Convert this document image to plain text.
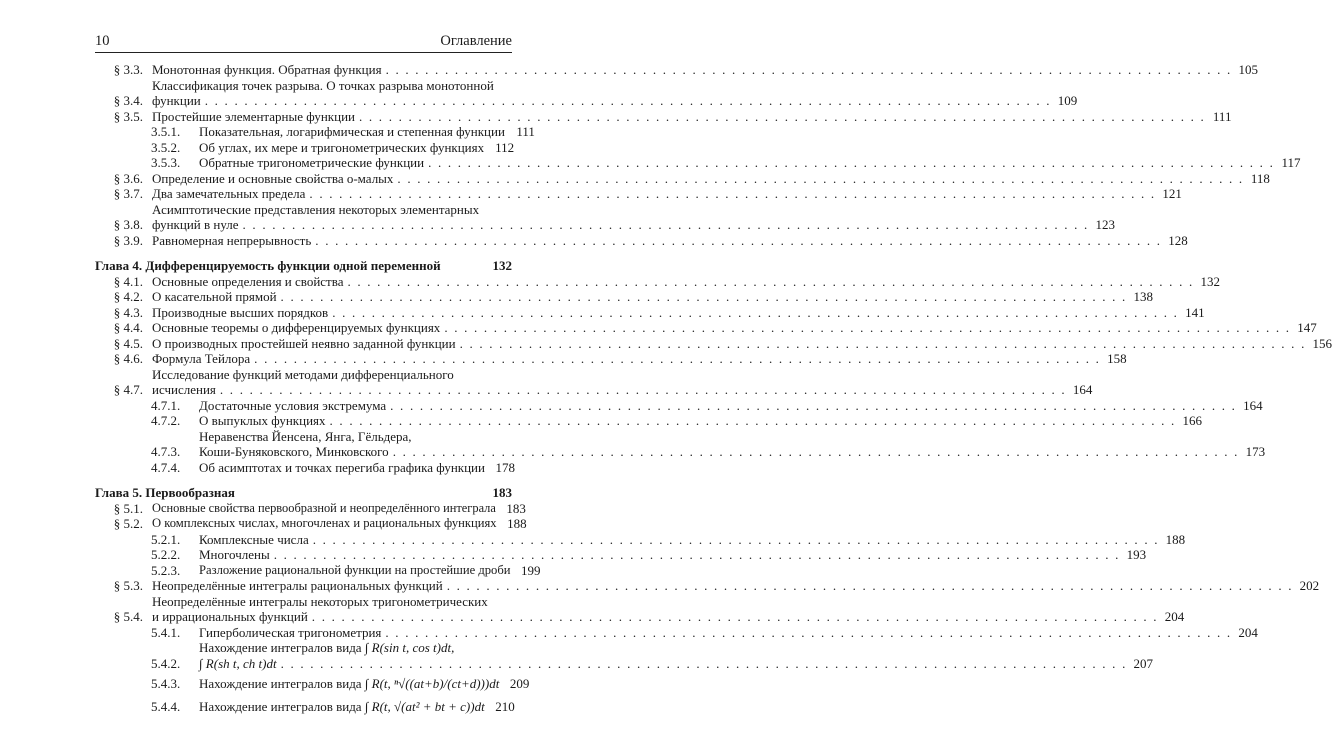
10	Оглавление
§ 3.3. Монотонная функция. Обратная функция . . .	105
§ 3.4.
Классификация точек разрыва. О точках разрыва монотонной
функции . . .	109
§ 3.5. Простейшие элементарные функции . . .	111
3.5.1.	Показательная, логарифмическая и степенная функции 111
3.5.2.	Об углах, их мере и тригонометрических функциях 112
3.5.3.	Обратные тригонометрические функции . . .	117
§ 3.6. Определение и основные свойства o-малых . . .	118
§ 3.7. Два замечательных предела . . .	121
§ 3.8.
Асимптотические представления некоторых элементарных
функций в нуле . . .	123
§ 3.9. Равномерная непрерывность . . .	128
Глава 4. Дифференцируемость функции одной переменной	132
§ 4.1. Основные определения и свойства . . .	132
§ 4.2. О касательной прямой . . .	138
§ 4.3. Производные высших порядков . . .	141
§ 4.4. Основные теоремы о дифференцируемых функциях . . .	147
§ 4.5. О производных простейшей неявно заданной функции . . .	156
§ 4.6. Формула Тейлора . . .	158
§ 4.7.
Исследование функций методами дифференциального
исчисления . . .	164
4.7.1.	Достаточные условия экстремума . . .	164
4.7.2.	О выпуклых функциях . . .	166
4.7.3.
Неравенства Йенсена, Янга, Гёльдера,
Коши-Буняковского, Минковского . . .	173
4.7.4.	Об асимптотах и точках перегиба графика функции 178
Глава 5. Первообразная	183
§ 5.1. Основные свойства первообразной и неопределённого интеграла 183
§ 5.2. О комплексных числах, многочленах и рациональных функциях 188
5.2.1.	Комплексные числа . . .	188
5.2.2.	Многочлены . . .	193
5.2.3.	Разложение рациональной функции на простейшие дроби 199
§ 5.3. Неопределённые интегралы рациональных функций . . .	202
§ 5.4.
Неопределённые интегралы некоторых тригонометрических
и иррациональных функций . . .	204
5.4.1.	Гиперболическая тригонометрия . . .	204
5.4.2.
Нахождение интегралов вида ∫ R(sin t, cos t)dt,
∫ R(sh t, ch t)dt . . .	207
5.4.3.	Нахождение интегралов вида ∫ R(t, ⁿ√((at+b)/(ct+d)))dt 209
5.4.4.	Нахождение интегралов вида ∫ R(t, √(at² + bt + c))dt 210
